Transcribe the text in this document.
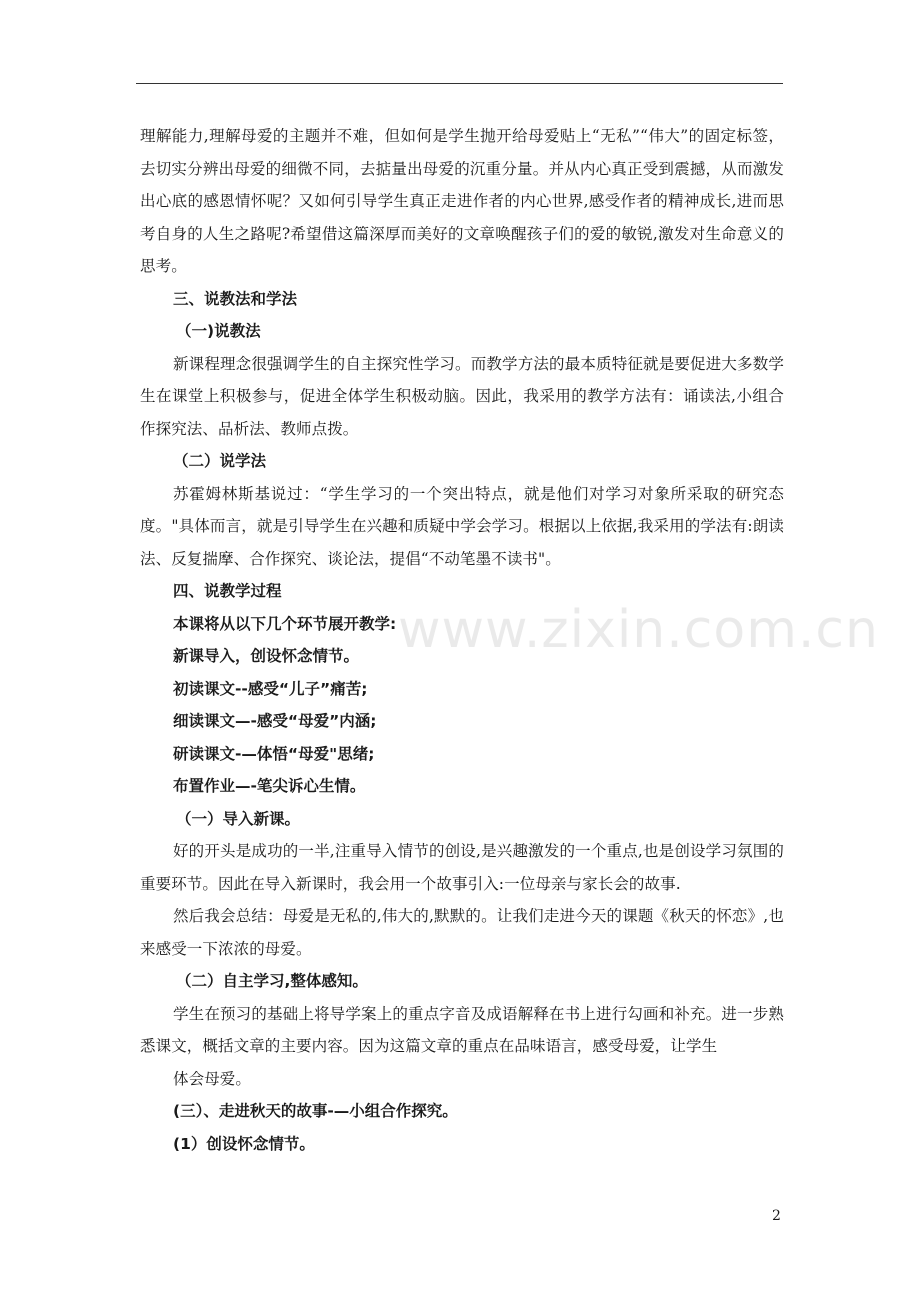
www.zixin.com.cn

理解能力,理解母爱的主题并不难，但如何是学生抛开给母爱贴上“无私”“伟大”的固定标签，去切实分辨出母爱的细微不同，去掂量出母爱的沉重分量。并从内心真正受到震撼，从而激发出心底的感恩情怀呢？又如何引导学生真正走进作者的内心世界,感受作者的精神成长,进而思考自身的人生之路呢?希望借这篇深厚而美好的文章唤醒孩子们的爱的敏锐,激发对生命意义的思考。

三、说教法和学法

（一)说教法

新课程理念很强调学生的自主探究性学习。而教学方法的最本质特征就是要促进大多数学生在课堂上积极参与，促进全体学生积极动脑。因此，我采用的教学方法有：诵读法,小组合作探究法、品析法、教师点拨。

（二）说学法

苏霍姆林斯基说过：“学生学习的一个突出特点，就是他们对学习对象所采取的研究态度。"具体而言，就是引导学生在兴趣和质疑中学会学习。根据以上依据,我采用的学法有:朗读法、反复揣摩、合作探究、谈论法，提倡“不动笔墨不读书"。

四、说教学过程

本课将从以下几个环节展开教学:

新课导入，创设怀念情节。

初读课文--感受“儿子”痛苦;

细读课文—-感受“母爱”内涵;

研读课文-—体悟“母爱"思绪;

布置作业—-笔尖诉心生情。

（一）导入新课。

好的开头是成功的一半,注重导入情节的创设,是兴趣激发的一个重点,也是创设学习氛围的重要环节。因此在导入新课时，我会用一个故事引入:一位母亲与家长会的故事.

然后我会总结：母爱是无私的,伟大的,默默的。让我们走进今天的课题《秋天的怀恋》,也来感受一下浓浓的母爱。

（二）自主学习,整体感知。

学生在预习的基础上将导学案上的重点字音及成语解释在书上进行勾画和补充。进一步熟悉课文，概括文章的主要内容。因为这篇文章的重点在品味语言，感受母爱，让学生

体会母爱。

(三）、走进秋天的故事-—小组合作探究。

(1）创设怀念情节。

2
